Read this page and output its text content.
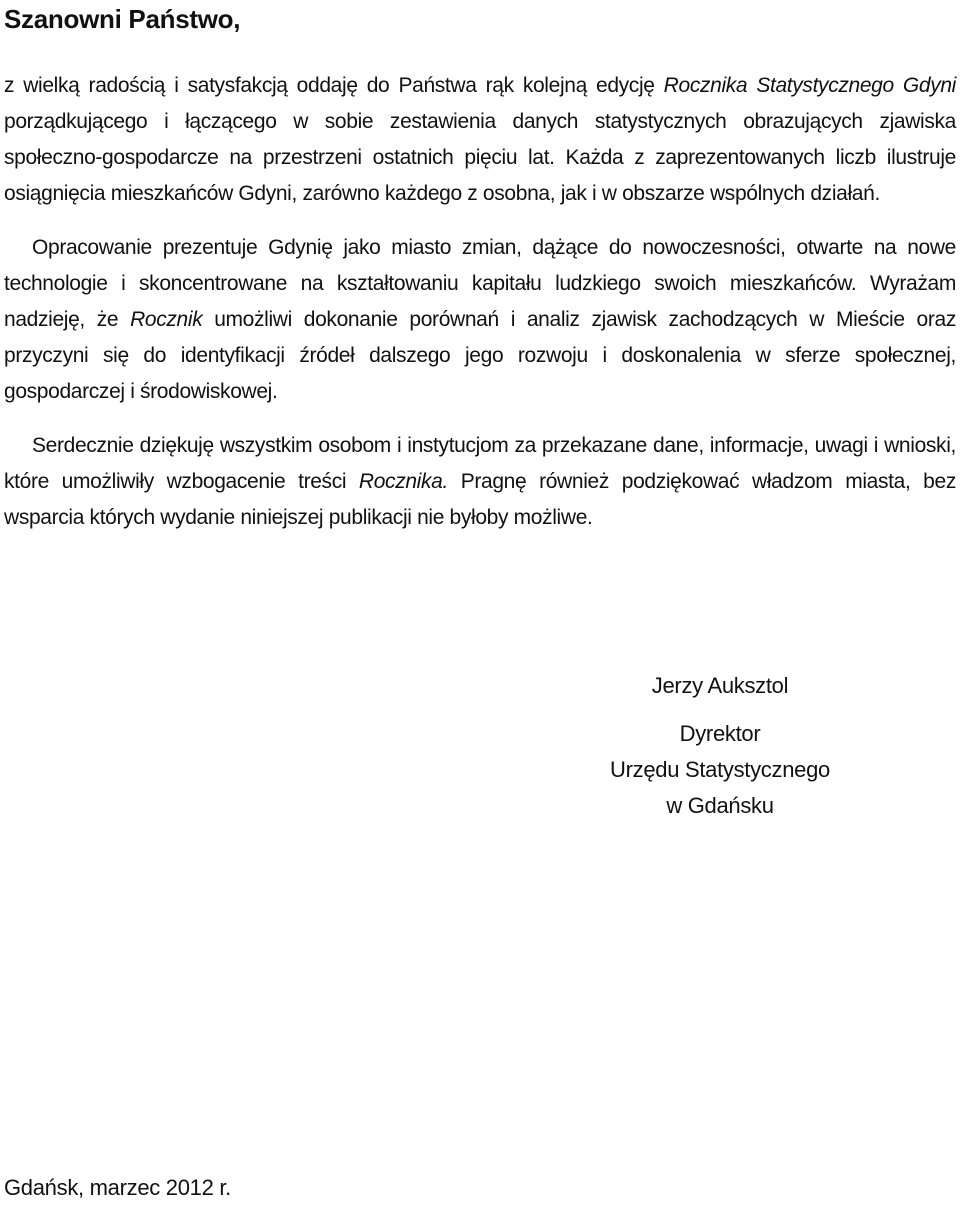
Szanowni Państwo,

z wielką radością i satysfakcją oddaję do Państwa rąk kolejną edycję Rocznika Statystycznego Gdyni porządkującego i łączącego w sobie zestawienia danych statystycznych obrazujących zjawiska społeczno-gospodarcze na przestrzeni ostatnich pięciu lat. Każda z zaprezentowanych liczb ilustruje osiągnięcia mieszkańców Gdyni, zarówno każdego z osobna, jak i w obszarze wspólnych działań.

Opracowanie prezentuje Gdynię jako miasto zmian, dążące do nowoczesności, otwarte na nowe technologie i skoncentrowane na kształtowaniu kapitału ludzkiego swoich mieszkańców. Wyrażam nadzieję, że Rocznik umożliwi dokonanie porównań i analiz zjawisk zachodzących w Mieście oraz przyczyni się do identyfikacji źródeł dalszego jego rozwoju i doskonalenia w sferze społecznej, gospodarczej i środowiskowej.

Serdecznie dziękuję wszystkim osobom i instytucjom za przekazane dane, informacje, uwagi i wnioski, które umożliwiły wzbogacenie treści Rocznika. Pragnę również podziękować władzom miasta, bez wsparcia których wydanie niniejszej publikacji nie byłoby możliwe.

Jerzy Auksztol
Dyrektor
Urzędu Statystycznego
w Gdańsku
Gdańsk, marzec 2012 r.
